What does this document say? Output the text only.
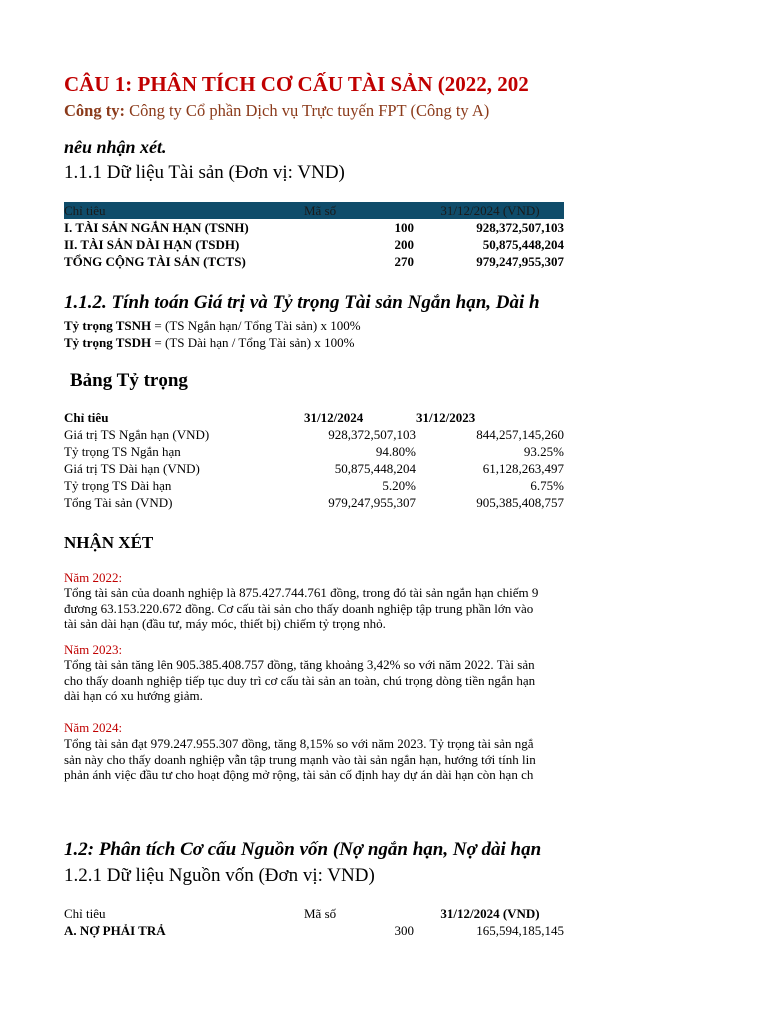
CÂU 1: PHÂN TÍCH CƠ CẤU TÀI SẢN (2022, 202
Công ty: Công ty Cổ phần Dịch vụ Trực tuyến FPT (Công ty A)
nêu nhận xét.
1.1.1 Dữ liệu Tài sản (Đơn vị: VND)
Chỉ tiêu	Mã số	31/12/2024 (VND)
I. TÀI SẢN NGẮN HẠN (TSNH)	100	928,372,507,103
II. TÀI SẢN DÀI HẠN (TSDH)	200	50,875,448,204
TỔNG CỘNG TÀI SẢN (TCTS)	270	979,247,955,307
1.1.2. Tính toán Giá trị và Tỷ trọng Tài sản Ngắn hạn, Dài h
Tỷ trọng TSNH = (TS Ngắn hạn/ Tổng Tài sản) x 100%
Tỷ trọng TSDH = (TS Dài hạn / Tổng Tài sản) x 100%
Bảng Tỷ trọng
Chỉ tiêu	31/12/2024	31/12/2023
Giá trị TS Ngắn hạn (VND)	928,372,507,103	844,257,145,260
Tỷ trọng TS Ngắn hạn	94.80%	93.25%
Giá trị TS Dài hạn (VND)	50,875,448,204	61,128,263,497
Tỷ trọng TS Dài hạn	5.20%	6.75%
Tổng Tài sản (VND)	979,247,955,307	905,385,408,757
NHẬN XÉT
Năm 2022:
Tổng tài sản của doanh nghiệp là 875.427.744.761 đồng, trong đó tài sản ngắn hạn chiếm 9
đương 63.153.220.672 đồng. Cơ cấu tài sản cho thấy doanh nghiệp tập trung phần lớn vào
tài sản dài hạn (đầu tư, máy móc, thiết bị) chiếm tỷ trọng nhỏ.
Năm 2023:
Tổng tài sản tăng lên 905.385.408.757 đồng, tăng khoảng 3,42% so với năm 2022. Tài sản
cho thấy doanh nghiệp tiếp tục duy trì cơ cấu tài sản an toàn, chú trọng dòng tiền ngắn hạn
dài hạn có xu hướng giảm.
Năm 2024:
Tổng tài sản đạt 979.247.955.307 đồng, tăng 8,15% so với năm 2023. Tỷ trọng tài sản ngắ
sản này cho thấy doanh nghiệp vẫn tập trung mạnh vào tài sản ngắn hạn, hướng tới tính lin
phản ánh việc đầu tư cho hoạt động mở rộng, tài sản cố định hay dự án dài hạn còn hạn ch
1.2: Phân tích Cơ cấu Nguồn vốn (Nợ ngắn hạn, Nợ dài hạn
1.2.1 Dữ liệu Nguồn vốn (Đơn vị: VND)
Chỉ tiêu	Mã số	31/12/2024 (VND)
A. NỢ PHẢI TRẢ	300	165,594,185,145
